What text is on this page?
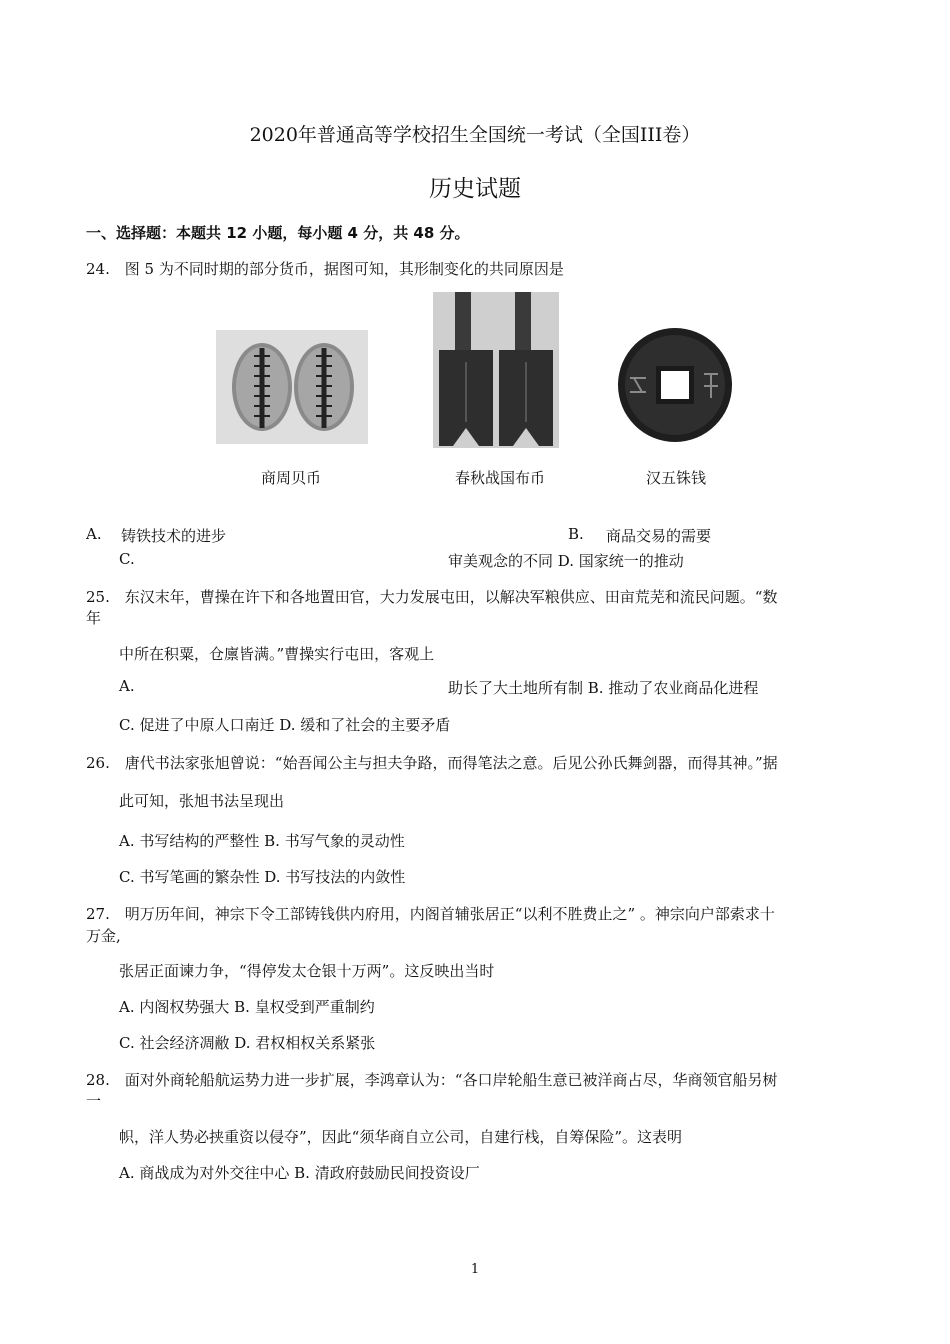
2020年普通高等学校招生全国统一考试（全国III卷）
历史试题
一、选择题：本题共 12 小题，每小题 4 分，共 48 分。
24. 图 5 为不同时期的部分货币，据图可知，其形制变化的共同原因是
商周贝币	春秋战国布币	汉五铢钱
A. 铸铁技术的进步	B. 商品交易的需要
C.	审美观念的不同 D. 国家统一的推动
25. 东汉末年，曹操在许下和各地置田官，大力发展屯田，以解决军粮供应、田亩荒芜和流民问题。“数
年
中所在积粟，仓廪皆满。”曹操实行屯田，客观上
A.	助长了大土地所有制 B. 推动了农业商品化进程
C. 促进了中原人口南迁 D. 缓和了社会的主要矛盾
26. 唐代书法家张旭曾说：“始吾闻公主与担夫争路，而得笔法之意。后见公孙氏舞剑器，而得其神。”据
此可知，张旭书法呈现出
A. 书写结构的严整性 B. 书写气象的灵动性
C. 书写笔画的繁杂性 D. 书写技法的内敛性
27. 明万历年间，神宗下令工部铸钱供内府用，内阁首辅张居正“以利不胜费止之” 。神宗向户部索求十
万金,
张居正面谏力争，“得停发太仓银十万两”。这反映出当时
A. 内阁权势强大 B. 皇权受到严重制约
C. 社会经济凋敝 D. 君权相权关系紧张
28. 面对外商轮船航运势力进一步扩展，李鸿章认为：“各口岸轮船生意已被洋商占尽，华商领官船另树
一
帜，洋人势必挟重资以侵夺”，因此“须华商自立公司，自建行栈，自筹保险”。这表明
A. 商战成为对外交往中心 B. 清政府鼓励民间投资设厂
1
